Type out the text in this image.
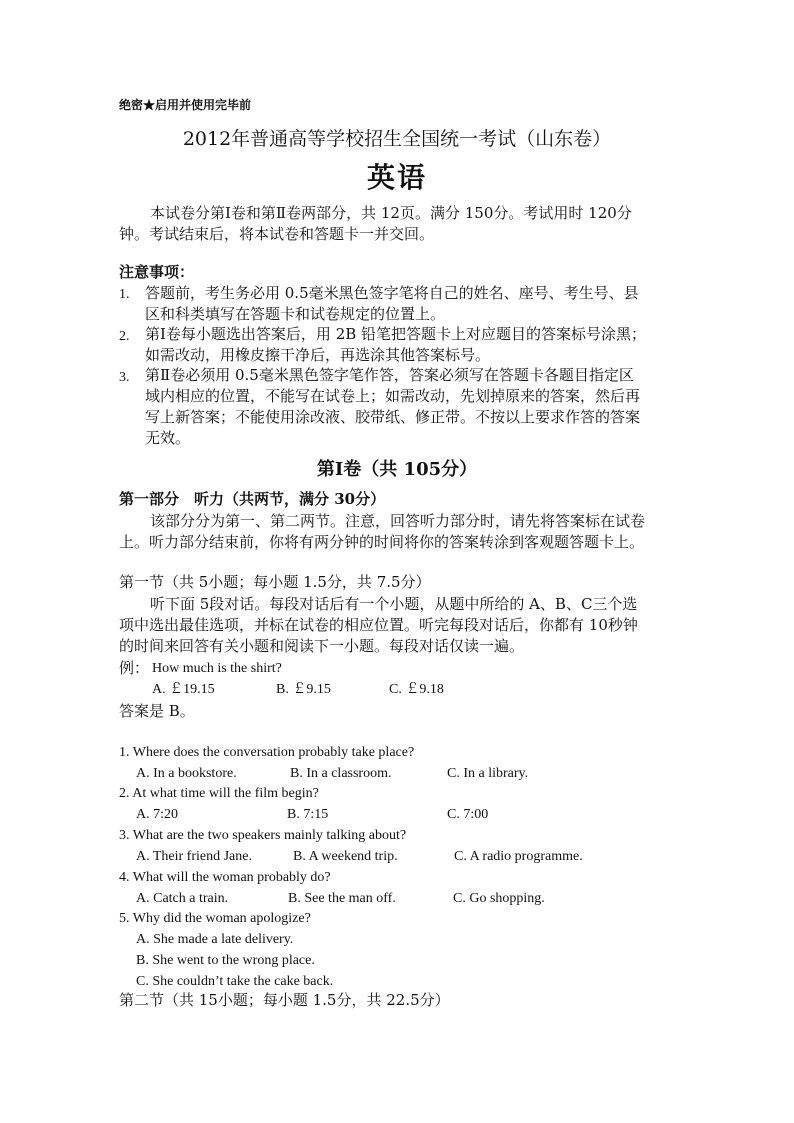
绝密★启用并使用完毕前
2012年普通高等学校招生全国统一考试（山东卷）
英语
本试卷分第Ⅰ卷和第Ⅱ卷两部分，共 12页。满分 150分。考试用时 120分
钟。考试结束后，将本试卷和答题卡一并交回。
注意事项：
1. 答题前，考生务必用 0.5毫米黑色签字笔将自己的姓名、座号、考生号、县
区和科类填写在答题卡和试卷规定的位置上。
2. 第Ⅰ卷每小题选出答案后，用 2B 铅笔把答题卡上对应题目的答案标号涂黑；
如需改动，用橡皮擦干净后，再选涂其他答案标号。
3. 第Ⅱ卷必须用 0.5毫米黑色签字笔作答，答案必须写在答题卡各题目指定区
域内相应的位置，不能写在试卷上；如需改动，先划掉原来的答案，然后再
写上新答案；不能使用涂改液、胶带纸、修正带。不按以上要求作答的答案
无效。
第Ⅰ卷（共 105分）
第一部分　听力（共两节，满分 30分）
该部分分为第一、第二两节。注意，回答听力部分时，请先将答案标在试卷
上。听力部分结束前，你将有两分钟的时间将你的答案转涂到客观题答题卡上。
第一节（共 5小题；每小题 1.5分，共 7.5分）
听下面 5段对话。每段对话后有一个小题，从题中所给的 A、B、C三个选
项中选出最佳选项，并标在试卷的相应位置。听完每段对话后，你都有 10秒钟
的时间来回答有关小题和阅读下一小题。每段对话仅读一遍。
例： How much is the shirt?
A. ￡19.15	B. ￡9.15	C. ￡9.18
答案是 B。
1. Where does the conversation probably take place?
A. In a bookstore.	B. In a classroom.	C. In a library.
2. At what time will the film begin?
A. 7:20	B. 7:15	C. 7:00
3. What are the two speakers mainly talking about?
A. Their friend Jane.	B. A weekend trip.	C. A radio programme.
4. What will the woman probably do?
A. Catch a train.	B. See the man off.	C. Go shopping.
5. Why did the woman apologize?
A. She made a late delivery.
B. She went to the wrong place.
C. She couldn’t take the cake back.
第二节（共 15小题；每小题 1.5分，共 22.5分）
